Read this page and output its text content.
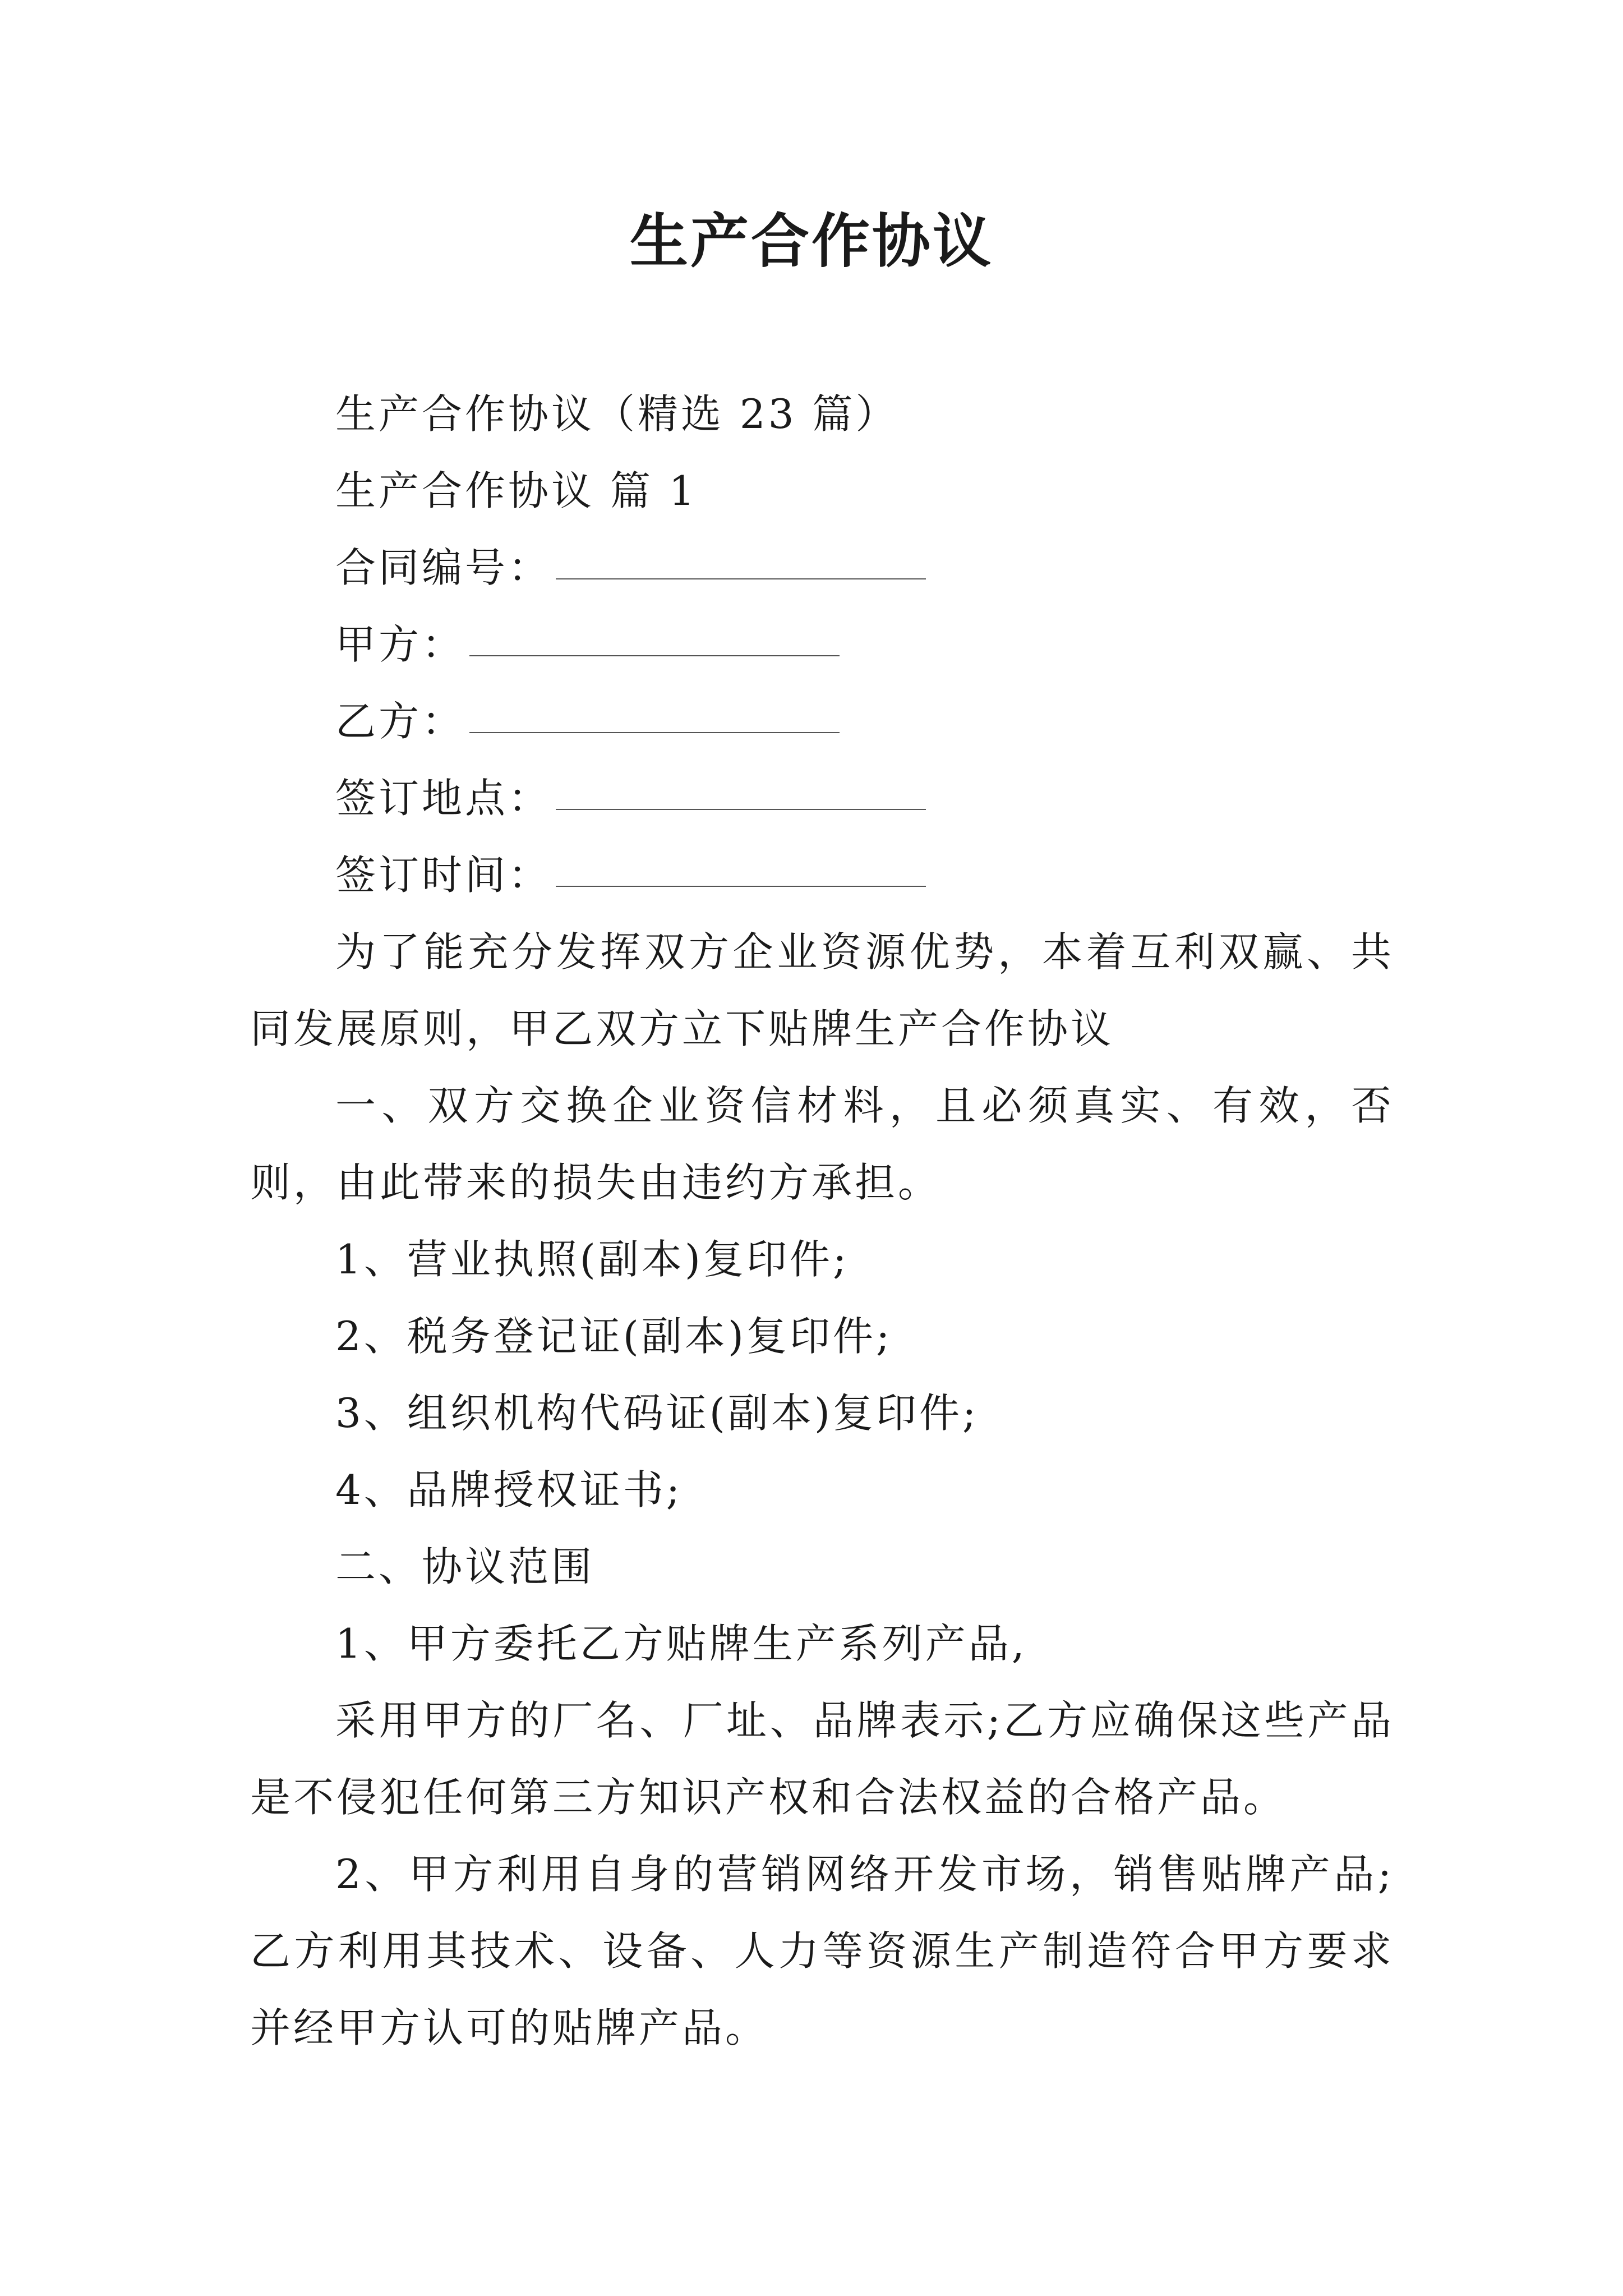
生产合作协议

生产合作协议（精选 23 篇）

生产合作协议 篇 1

合同编号：

甲方：

乙方：

签订地点：

签订时间：

为了能充分发挥双方企业资源优势，本着互利双赢、共同发展原则，甲乙双方立下贴牌生产合作协议

一、双方交换企业资信材料，且必须真实、有效，否则，由此带来的损失由违约方承担。

1、营业执照(副本)复印件;

2、税务登记证(副本)复印件;

3、组织机构代码证(副本)复印件;

4、品牌授权证书;

二、协议范围

1、甲方委托乙方贴牌生产系列产品,

采用甲方的厂名、厂址、品牌表示;乙方应确保这些产品是不侵犯任何第三方知识产权和合法权益的合格产品。

2、甲方利用自身的营销网络开发市场，销售贴牌产品;乙方利用其技术、设备、人力等资源生产制造符合甲方要求并经甲方认可的贴牌产品。
